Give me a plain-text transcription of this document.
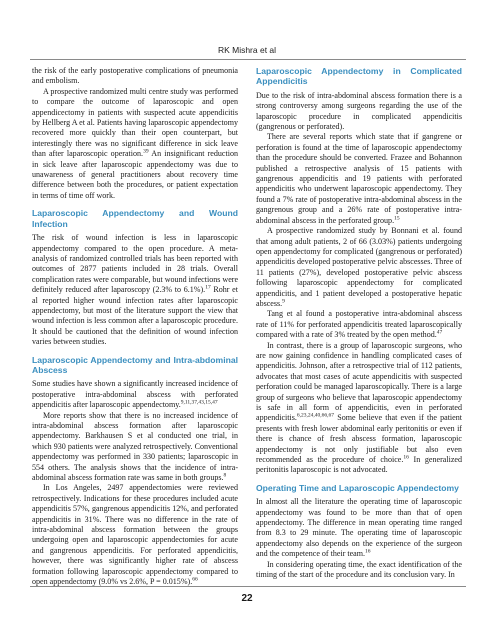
RK Mishra et al

the risk of the early postoperative complications of pneumonia and embolism.

A prospective randomized multi centre study was performed to compare the outcome of laparoscopic and open appendicectomy in patients with suspected acute appendicitis by Hellberg A et al. Patients having laparoscopic appendectomy recovered more quickly than their open counterpart, but interestingly there was no significant difference in sick leave than after laparoscopic operation.$^{39}$ An insignificant reduction in sick leave after laparoscopic appendectomy was due to unawareness of general practitioners about recovery time difference between both the procedures, or patient expectation in terms of time off work.

Laparoscopic Appendectomy and Wound Infection

The risk of wound infection is less in laparoscopic appendectomy compared to the open procedure. A meta-analysis of randomized controlled trials has been reported with outcomes of 2877 patients included in 28 trials. Overall complication rates were comparable, but wound infections were definitely reduced after laparoscopy (2.3% to 6.1%).$^{17}$ Rohr et al reported higher wound infection rates after laparoscopic appendectomy, but most of the literature support the view that wound infection is less common after a laparoscopic procedure. It should be cautioned that the definition of wound infection varies between studies.

Laparoscopic Appendectomy and Intra-abdominal Abscess

Some studies have shown a significantly increased incidence of postoperative intra-abdominal abscess with perforated appendicitis after laparoscopic appendectomy.$^{9,11,37,43,15,47}$

More reports show that there is no increased incidence of intra-abdominal abscess formation after laparoscopic appendectomy. Barkhausen S et al conducted one trial, in which 930 patients were analyzed retrospectively. Conventional appendectomy was performed in 330 patients; laparoscopic in 554 others. The analysis shows that the incidence of intra-abdominal abscess formation rate was same in both groups.$^8$

In Los Angeles, 2497 appendectomies were reviewed retrospectively. Indications for these procedures included acute appendicitis 57%, gangrenous appendicitis 12%, and perforated appendicitis in 31%. There was no difference in the rate of intra-abdominal abscess formation between the groups undergoing open and laparoscopic appendectomies for acute and gangrenous appendicitis. For perforated appendicitis, however, there was significantly higher rate of abscess formation following laparoscopic appendectomy compared to open appendectomy (9.0% vs 2.6%, P = 0.015%).$^{66}$

Laparoscopic Appendectomy in Complicated Appendicitis

Due to the risk of intra-abdominal abscess formation there is a strong controversy among surgeons regarding the use of the laparoscopic procedure in complicated appendicitis (gangrenous or perforated).

There are several reports which state that if gangrene or perforation is found at the time of laparoscopic appendectomy than the procedure should be converted. Frazee and Bohannon published a retrospective analysis of 15 patients with gangrenous appendicitis and 19 patients with perforated appendicitis who underwent laparoscopic appendectomy. They found a 7% rate of postoperative intra-abdominal abscess in the gangrenous group and a 26% rate of postoperative intra-abdominal abscess in the perforated group.$^{15}$

A prospective randomized study by Bonnani et al. found that among adult patients, 2 of 66 (3.03%) patients undergoing open appendectomy for complicated (gangrenous or perforated) appendicitis developed postoperative pelvic abscesses. Three of 11 patients (27%), developed postoperative pelvic abscess following laparoscopic appendectomy for complicated appendicitis, and 1 patient developed a postoperative hepatic abscess.$^9$

Tang et al found a postoperative intra-abdominal abscess rate of 11% for perforated appendicitis treated laparoscopically compared with a rate of 3% treated by the open method.$^{47}$

In contrast, there is a group of laparoscopic surgeons, who are now gaining confidence in handling complicated cases of appendicitis. Johnson, after a retrospective trial of 112 patients, advocates that most cases of acute appendicitis with suspected perforation could be managed laparoscopically. There is a large group of surgeons who believe that laparoscopic appendectomy is safe in all form of appendicitis, even in perforated appendicitis.$^{6,23,24,40,66,67}$ Some believe that even if the patient presents with fresh lower abdominal early peritonitis or even if there is chance of fresh abscess formation, laparoscopic appendectomy is not only justifiable but also even recommended as the procedure of choice.$^{16}$ In generalized peritonitis laparoscopic is not advocated.

Operating Time and Laparoscopic Appendectomy

In almost all the literature the operating time of laparoscopic appendectomy was found to be more than that of open appendectomy. The difference in mean operating time ranged from 8.3 to 29 minute. The operating time of laparoscopic appendectomy also depends on the experience of the surgeon and the competence of their team.$^{16}$

In considering operating time, the exact identification of the timing of the start of the procedure and its conclusion vary. In

22
